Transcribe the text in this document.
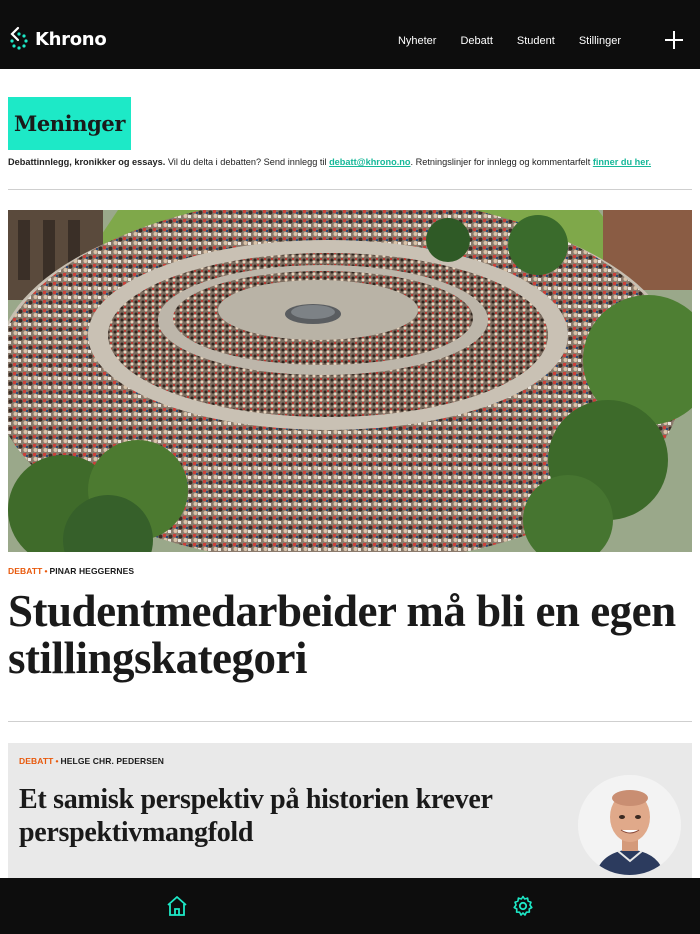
Khrono	Nyheter Debatt Student Stillinger
Meninger

Debattinnlegg, kronikker og essays. Vil du delta i debatten? Send innlegg til debatt@khrono.no. Retningslinjer for innlegg og kommentarfelt finner du her.

DEBATT • PINAR HEGGERNES
Studentmedarbeider må bli en egen stillingskategori
DEBATT • HELGE CHR. PEDERSEN
Et samisk perspektiv på historien krever perspektivmangfold
